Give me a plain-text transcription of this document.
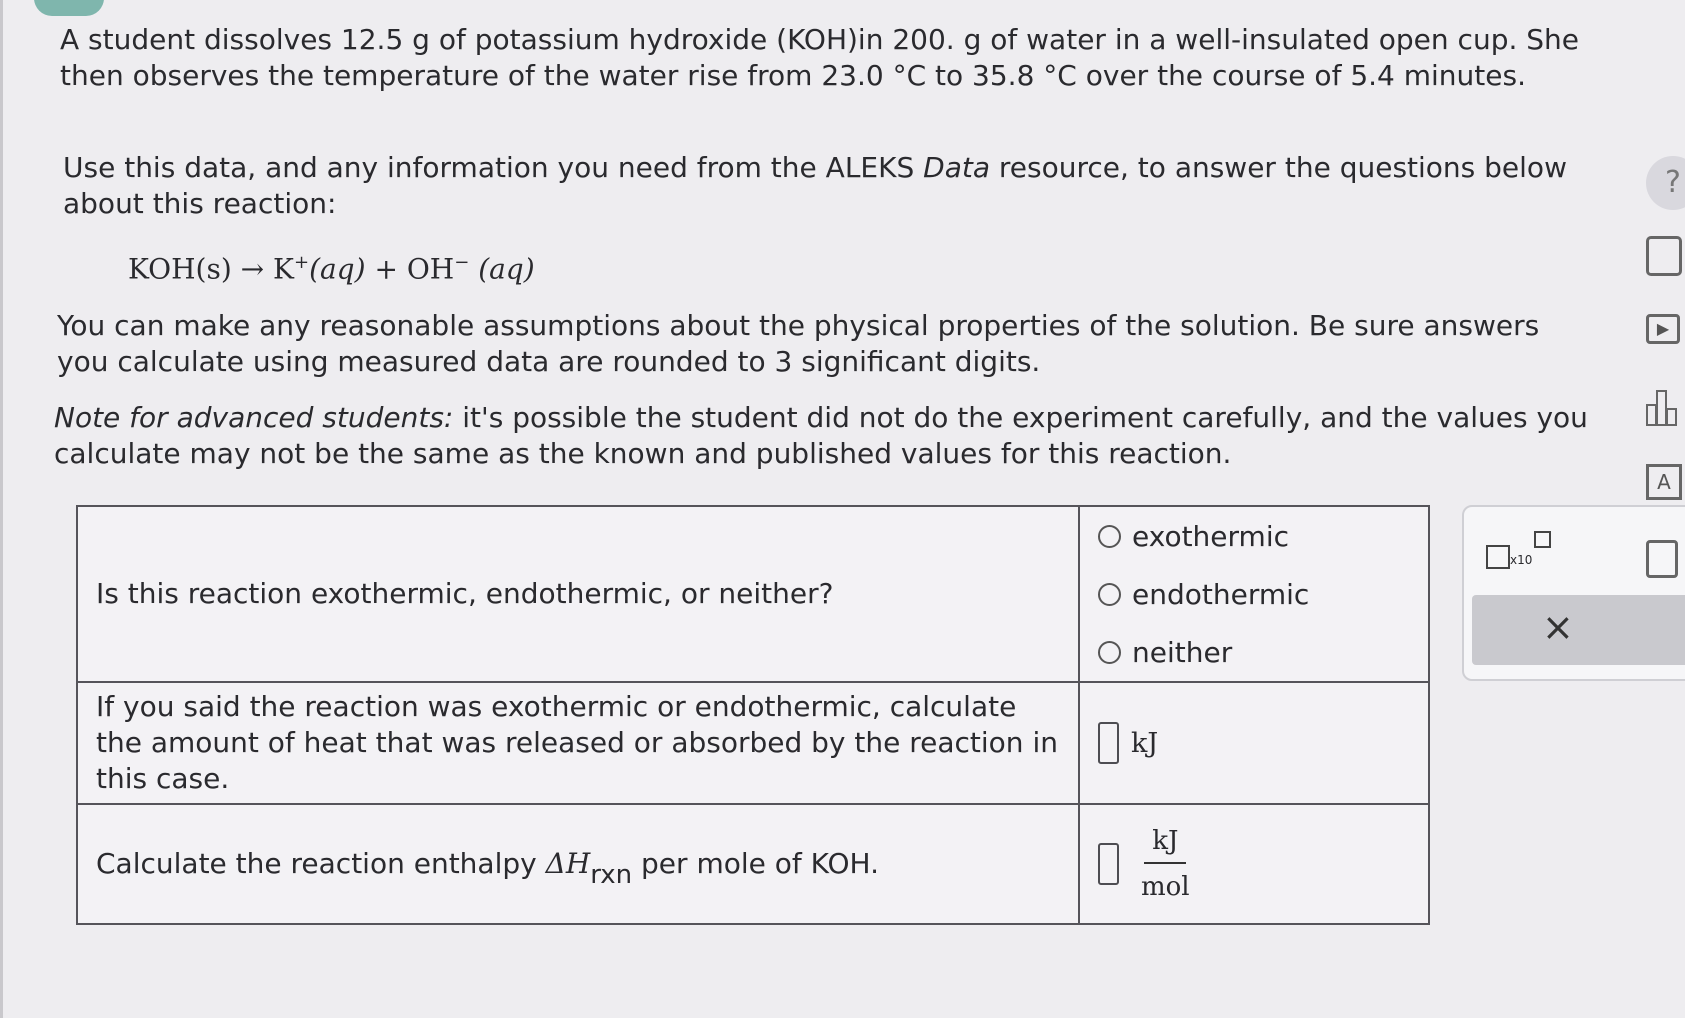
A student dissolves 12.5 g of potassium hydroxide (KOH)in 200. g of water in a well-insulated open cup. She then observes the temperature of the water rise from 23.0 °C to 35.8 °C over the course of 5.4 minutes.
Use this data, and any information you need from the ALEKS Data resource, to answer the questions below about this reaction:
KOH(s) → K+(aq) + OH− (aq)
You can make any reasonable assumptions about the physical properties of the solution. Be sure answers you calculate using measured data are rounded to 3 significant digits.
Note for advanced students: it's possible the student did not do the experiment carefully, and the values you calculate may not be the same as the known and published values for this reaction.
Is this reaction exothermic, endothermic, or neither?	exothermic
endothermic
neither

If you said the reaction was exothermic or endothermic, calculate the amount of heat that was released or absorbed by the reaction in this case.	kJ

Calculate the reaction enthalpy ΔHrxn per mole of KOH.	$\frac{kJ}{\text{mol}}$
x10
×
?
▶
A
